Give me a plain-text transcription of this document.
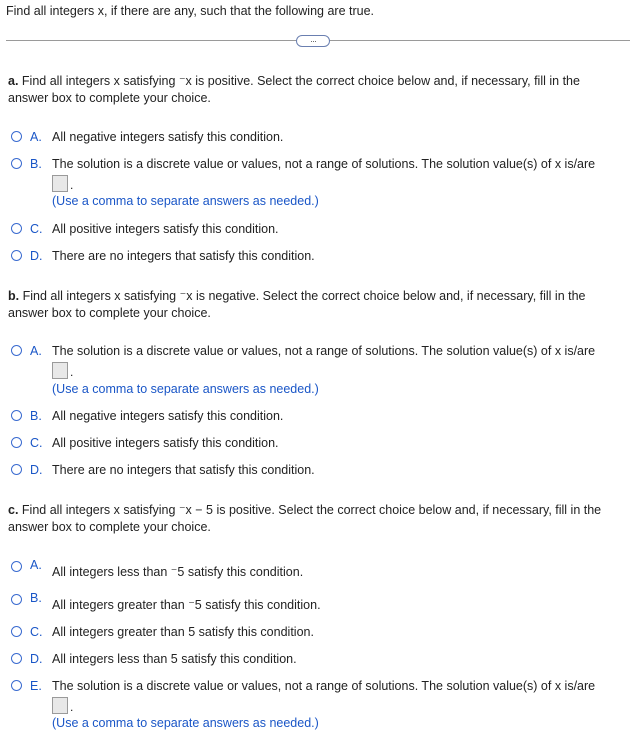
Find all integers x, if there are any, such that the following are true.
···
a. Find all integers x satisfying ⁻x is positive. Select the correct choice below and, if necessary, fill in the
answer box to complete your choice.
A. All negative integers satisfy this condition.
B. The solution is a discrete value or values, not a range of solutions. The solution value(s) of x is/are
.
(Use a comma to separate answers as needed.)
C. All positive integers satisfy this condition.
D. There are no integers that satisfy this condition.
b. Find all integers x satisfying ⁻x is negative. Select the correct choice below and, if necessary, fill in the
answer box to complete your choice.
A. The solution is a discrete value or values, not a range of solutions. The solution value(s) of x is/are
.
(Use a comma to separate answers as needed.)
B. All negative integers satisfy this condition.
C. All positive integers satisfy this condition.
D. There are no integers that satisfy this condition.
c. Find all integers x satisfying ⁻x − 5 is positive. Select the correct choice below and, if necessary, fill in the
answer box to complete your choice.
A. All integers less than ⁻5 satisfy this condition.
B. All integers greater than ⁻5 satisfy this condition.
C. All integers greater than 5 satisfy this condition.
D. All integers less than 5 satisfy this condition.
E. The solution is a discrete value or values, not a range of solutions. The solution value(s) of x is/are
.
(Use a comma to separate answers as needed.)
